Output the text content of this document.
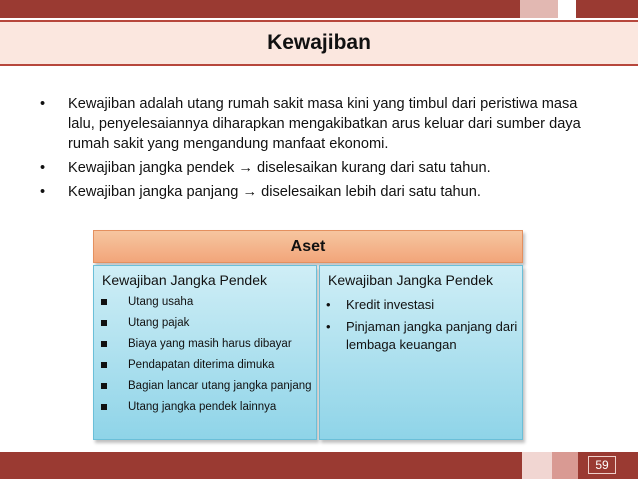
Kewajiban
• Kewajiban adalah utang rumah sakit masa kini yang timbul dari peristiwa masa lalu, penyelesaiannya diharapkan mengakibatkan arus keluar dari sumber daya rumah sakit yang mengandung manfaat ekonomi.
• Kewajiban jangka pendek → diselesaikan kurang dari satu tahun.
• Kewajiban jangka panjang → diselesaikan lebih dari satu tahun.
Aset
Kewajiban Jangka Pendek
Utang usaha
Utang pajak
Biaya yang masih harus dibayar
Pendapatan diterima dimuka
Bagian lancar utang jangka panjang
Utang jangka pendek lainnya
Kewajiban Jangka Pendek
• Kredit investasi
• Pinjaman jangka panjang dari lembaga keuangan
59
